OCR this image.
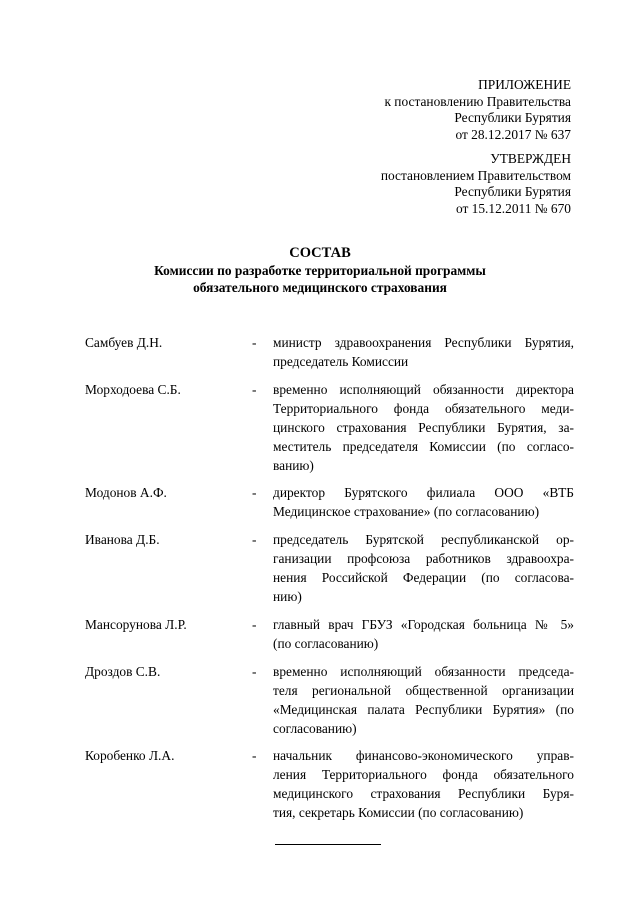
ПРИЛОЖЕНИЕ
к постановлению Правительства
Республики Бурятия
от 28.12.2017 № 637
УТВЕРЖДЕН
постановлением Правительством
Республики Бурятия
от 15.12.2011 № 670
СОСТАВ
Комиссии по разработке территориальной программы
обязательного медицинского страхования
Самбуев Д.Н.	- министр здравоохранения Республики Бурятия,
председатель Комиссии
Морходоева С.Б.	- временно исполняющий обязанности директора
Территориального фонда обязательного меди-
цинского страхования Республики Бурятия, за-
меститель председателя Комиссии (по согласо-
ванию)
Модонов А.Ф.	- директор Бурятского филиала ООО «ВТБ
Медицинское страхование» (по согласованию)
Иванова Д.Б.	- председатель Бурятской республиканской ор-
ганизации профсоюза работников здравоохра-
нения Российской Федерации (по согласова-
нию)
Мансорунова Л.Р.	- главный врач ГБУЗ «Городская больница № 5»
(по согласованию)
Дроздов С.В.	- временно исполняющий обязанности председа-
теля региональной общественной организации
«Медицинская палата Республики Бурятия» (по
согласованию)
Коробенко Л.А.	- начальник финансово-экономического управ-
ления Территориального фонда обязательного
медицинского страхования Республики Буря-
тия, секретарь Комиссии (по согласованию)
